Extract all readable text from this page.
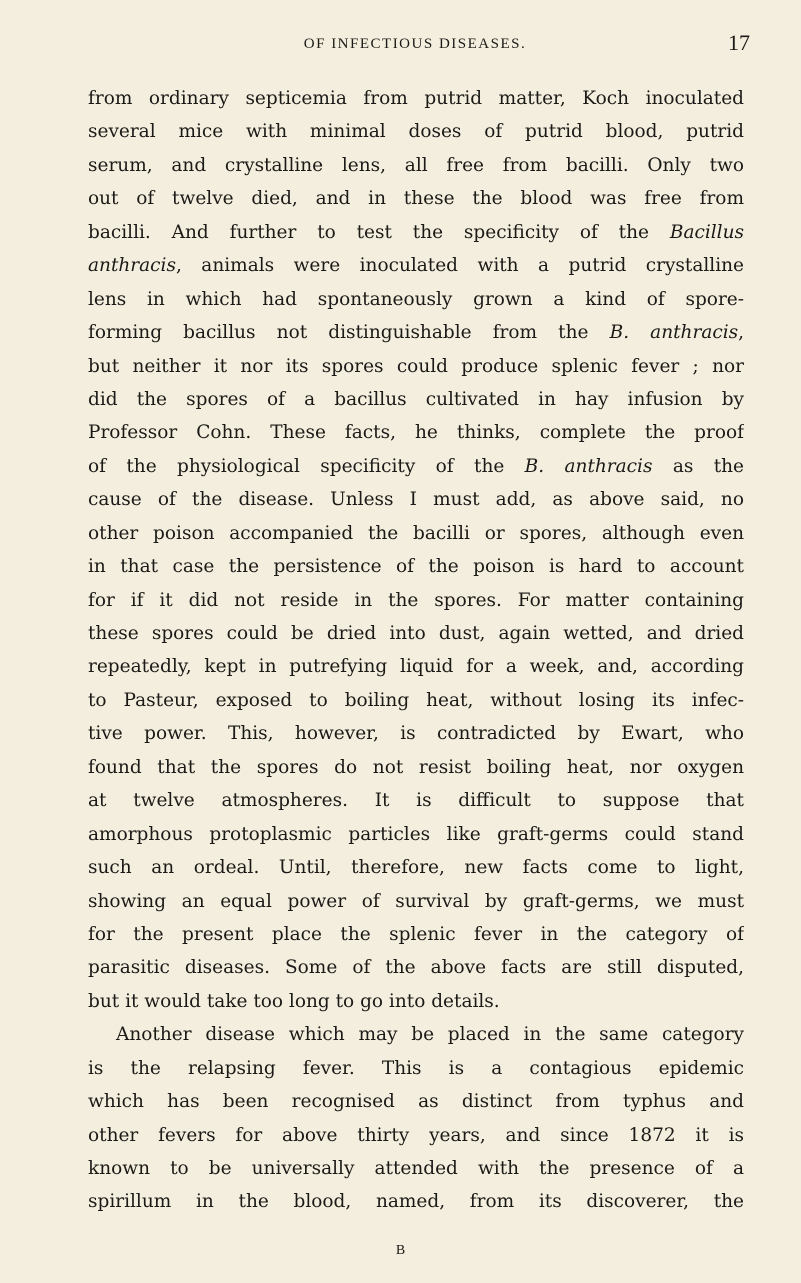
OF INFECTIOUS DISEASES.	17
from ordinary septicemia from putrid matter, Koch inoculated
several mice with minimal doses of putrid blood, putrid
serum, and crystalline lens, all free from bacilli. Only two
out of twelve died, and in these the blood was free from
bacilli. And further to test the specificity of the Bacillus
anthracis, animals were inoculated with a putrid crystalline
lens in which had spontaneously grown a kind of spore-
forming bacillus not distinguishable from the B. anthracis,
but neither it nor its spores could produce splenic fever ; nor
did the spores of a bacillus cultivated in hay infusion by
Professor Cohn. These facts, he thinks, complete the proof
of the physiological specificity of the B. anthracis as the
cause of the disease. Unless I must add, as above said, no
other poison accompanied the bacilli or spores, although even
in that case the persistence of the poison is hard to account
for if it did not reside in the spores. For matter containing
these spores could be dried into dust, again wetted, and dried
repeatedly, kept in putrefying liquid for a week, and, according
to Pasteur, exposed to boiling heat, without losing its infec-
tive power. This, however, is contradicted by Ewart, who
found that the spores do not resist boiling heat, nor oxygen
at twelve atmospheres. It is difficult to suppose that
amorphous protoplasmic particles like graft-germs could stand
such an ordeal. Until, therefore, new facts come to light,
showing an equal power of survival by graft-germs, we must
for the present place the splenic fever in the category of
parasitic diseases. Some of the above facts are still disputed,
but it would take too long to go into details.
Another disease which may be placed in the same category
is the relapsing fever. This is a contagious epidemic
which has been recognised as distinct from typhus and
other fevers for above thirty years, and since 1872 it is
known to be universally attended with the presence of a
spirillum in the blood, named, from its discoverer, the
B
